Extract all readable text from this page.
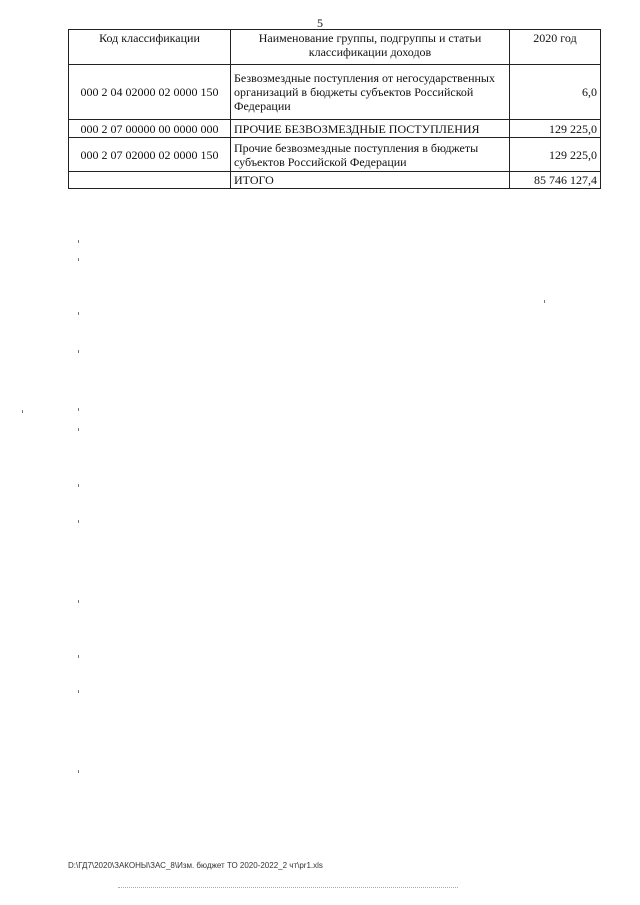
5
Код классификации	Наименование группы, подгруппы и статьи классификации доходов	2020 год
000 2 04 02000 02 0000 150	Безвозмездные поступления от негосударственных организаций в бюджеты субъектов Российской Федерации	6,0
000 2 07 00000 00 0000 000	ПРОЧИЕ БЕЗВОЗМЕЗДНЫЕ ПОСТУПЛЕНИЯ	129 225,0
000 2 07 02000 02 0000 150	Прочие безвозмездные поступления в бюджеты субъектов Российской Федерации	129 225,0
	ИТОГО	85 746 127,4
D:\ГД7\2020\ЗАКОНЫ\ЗАС_8\Изм. бюджет ТО 2020-2022_2 чт\pr1.xls
